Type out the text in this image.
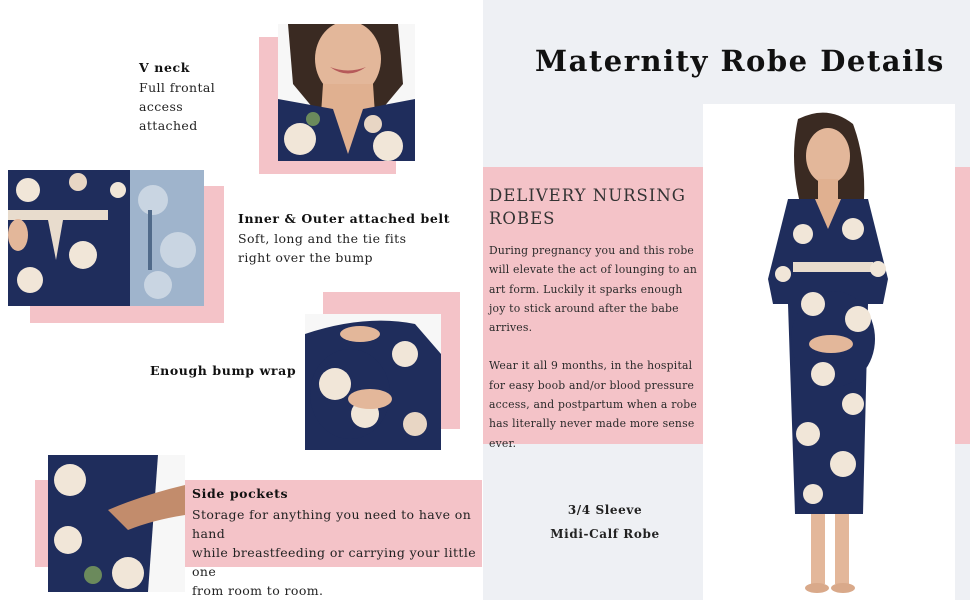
Maternity Robe Details
V neck
Full frontal access
attached
Inner & Outer attached belt
Soft, long and the tie fits
right over the bump
Enough bump wrap
Side pockets
Storage for anything you need to have on hand
while breastfeeding or carrying your little one
from room to room.
DELIVERY NURSING
ROBES

During pregnancy you and this robe will elevate the act of lounging to an art form. Luckily it sparks enough joy to stick around after the babe arrives.

Wear it all 9 months, in the hospital for easy boob and/or blood pressure access, and postpartum when a robe has literally never made more sense ever.

3/4 Sleeve
Midi-Calf Robe
